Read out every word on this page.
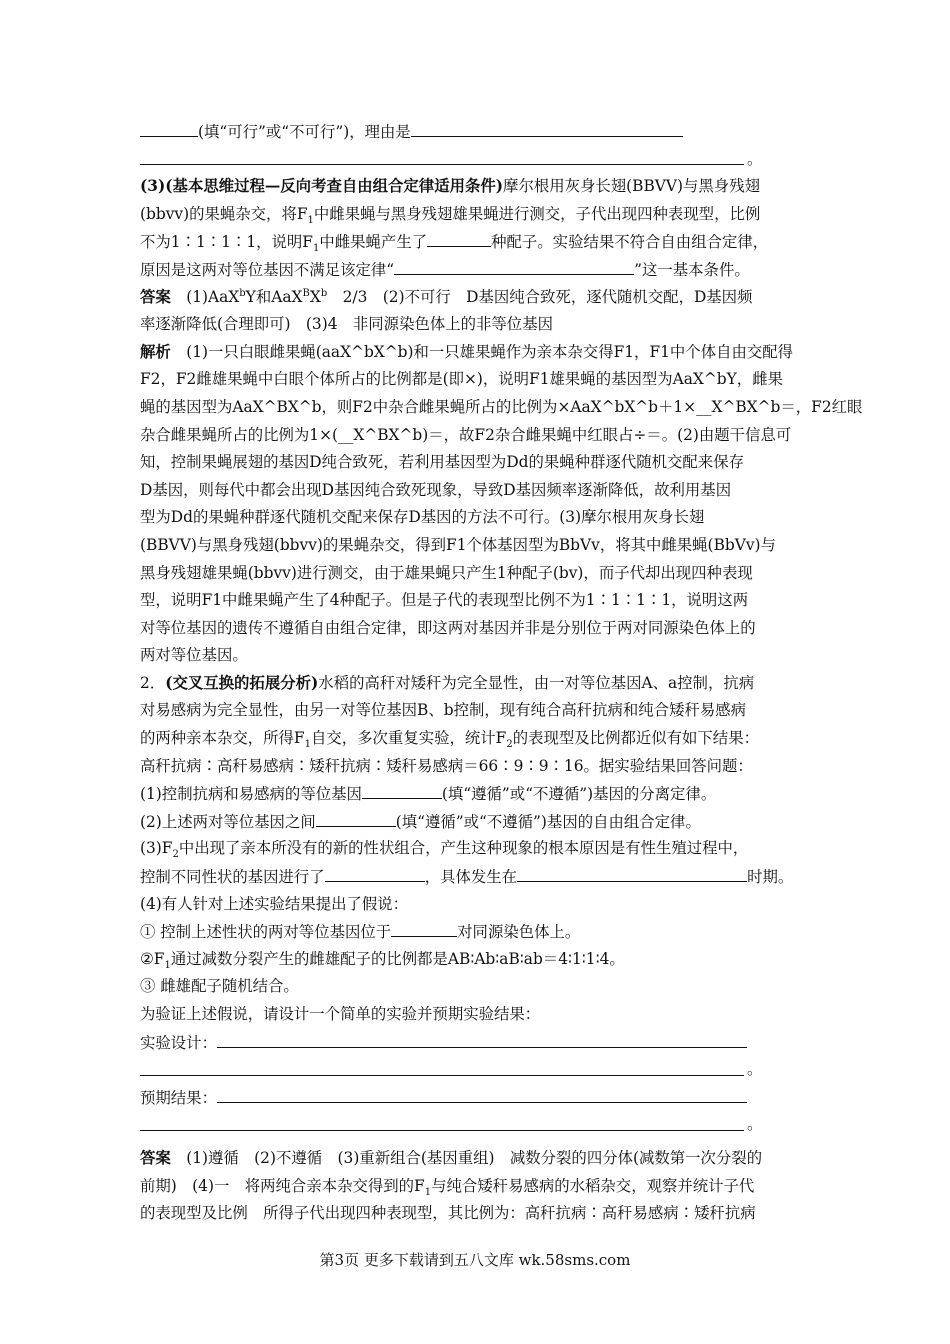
(填“可行”或“不可行”)，理由是
。
(3)(基本思维过程—反向考查自由组合定律适用条件)摩尔根用灰身长翅(BBVV)与黑身残翅
(bbvv)的果蝇杂交，将$F_1$中雌果蝇与黑身残翅雄果蝇进行测交，子代出现四种表现型，比例
不为1∶1∶1∶1，说明$F_1$中雌果蝇产生了	种配子。实验结果不符合自由组合定律，
原因是这两对等位基因不满足该定律“	”这一基本条件。
答案　 (1)AaX$^b$Y和$AaX^BX^b$　 2/3　(2)不可行　D基因纯合致死，逐代随机交配，D基因频
率逐渐降低(合理即可)　(3)4　非同源染色体上的非等位基因
解析　 (1)一只白眼雌果蝇(aaX^bX^b)和一只雄果蝇作为亲本杂交得F1，F1中个体自由交配得
F2，F2雌雄果蝇中白眼个体所占的比例都是(即×)，说明F1雄果蝇的基因型为AaX^bY，雌果
蝇的基因型为AaX^BX^b，则F2中杂合雌果蝇所占的比例为×AaX^bX^b＋1×__X^BX^b＝，F2红眼
杂合雌果蝇所占的比例为1×(__X^BX^b)＝，故F2杂合雌果蝇中红眼占÷＝。(2)由题干信息可
知，控制果蝇展翅的基因D纯合致死，若利用基因型为Dd的果蝇种群逐代随机交配来保存
D基因，则每代中都会出现D基因纯合致死现象，导致D基因频率逐渐降低，故利用基因
型为Dd的果蝇种群逐代随机交配来保存D基因的方法不可行。(3)摩尔根用灰身长翅
(BBVV)与黑身残翅(bbvv)的果蝇杂交，得到F1个体基因型为BbVv，将其中雌果蝇(BbVv)与
黑身残翅雄果蝇(bbvv)进行测交，由于雄果蝇只产生1种配子(bv)，而子代却出现四种表现
型，说明F1中雌果蝇产生了4种配子。但是子代的表现型比例不为1∶1∶1∶1，说明这两
对等位基因的遗传不遵循自由组合定律，即这两对基因并非是分别位于两对同源染色体上的
两对等位基因。
2．(交叉互换的拓展分析)水稻的高秆对矮秆为完全显性，由一对等位基因A、a控制，抗病
对易感病为完全显性，由另一对等位基因B、b控制，现有纯合高秆抗病和纯合矮秆易感病
的两种亲本杂交，所得$F_1$自交，多次重复实验，统计$F_2$的表现型及比例都近似有如下结果：
高秆抗病∶高秆易感病∶矮秆抗病∶矮秆易感病＝66∶9∶9∶16。据实验结果回答问题：
(1)控制抗病和易感病的等位基因	(填“遵循”或“不遵循”)基因的分离定律。
(2)上述两对等位基因之间	(填“遵循”或“不遵循”)基因的自由组合定律。
$(3)F_2$中出现了亲本所没有的新的性状组合，产生这种现象的根本原因是有性生殖过程中，
控制不同性状的基因进行了	，具体发生在	时期。
(4)有人针对上述实验结果提出了假说：
① 控制上述性状的两对等位基因位于	对同源染色体上。
$②F_1$通过减数分裂产生的雌雄配子的比例都是AB∶Ab∶aB∶ab＝4∶1∶1∶4。
③ 雌雄配子随机结合。
为验证上述假说，请设计一个简单的实验并预期实验结果：
实验设计：
。
预期结果：
。
答案　 (1)遵循　(2)不遵循　(3)重新组合(基因重组)　减数分裂的四分体(减数第一次分裂的
前期)　(4)一　将两纯合亲本杂交得到的$F_1$与纯合矮秆易感病的水稻杂交，观察并统计子代
的表现型及比例　所得子代出现四种表现型，其比例为：高秆抗病∶高秆易感病∶矮秆抗病
第3页 更多下载请到五八文库 wk.58sms.com
